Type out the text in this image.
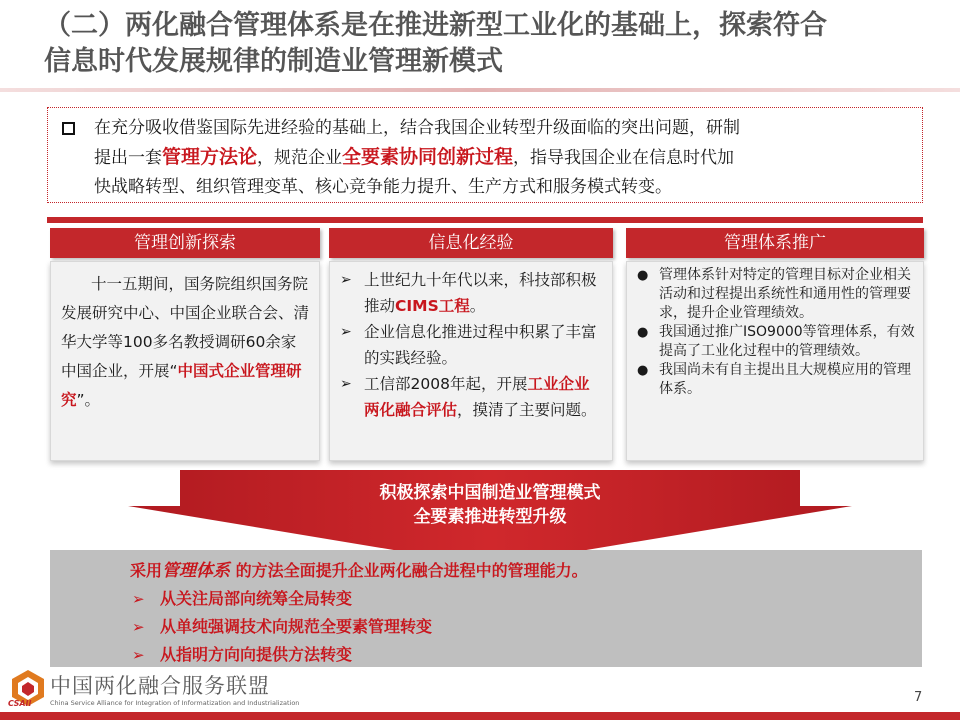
（二）两化融合管理体系是在推进新型工业化的基础上，探索符合
信息时代发展规律的制造业管理新模式
在充分吸收借鉴国际先进经验的基础上，结合我国企业转型升级面临的突出问题，研制
提出一套管理方法论，规范企业全要素协同创新过程，指导我国企业在信息时代加
快战略转型、组织管理变革、核心竞争能力提升、生产方式和服务模式转变。
管理创新探索	信息化经验	管理体系推广
十一五期间，国务院组织国务院发展研究中心、中国企业联合会、清华大学等100多名教授调研60余家中国企业，开展“中国式企业管理研究”。
➢ 上世纪九十年代以来，科技部积极推动CIMS工程。
➢ 企业信息化推进过程中积累了丰富的实践经验。
➢ 工信部2008年起，开展工业企业两化融合评估，摸清了主要问题。
● 管理体系针对特定的管理目标对企业相关活动和过程提出系统性和通用性的管理要求，提升企业管理绩效。
● 我国通过推广ISO9000等管理体系，有效提高了工业化过程中的管理绩效。
● 我国尚未有自主提出且大规模应用的管理体系。
积极探索中国制造业管理模式
全要素推进转型升级
采用管理体系 的方法全面提升企业两化融合进程中的管理能力。
➢ 从关注局部向统筹全局转变
➢ 从单纯强调技术向规范全要素管理转变
➢ 从指明方向向提供方法转变
CSAII
中国两化融合服务联盟
China Service Alliance for Integration of Informatization and Industrialization	7
